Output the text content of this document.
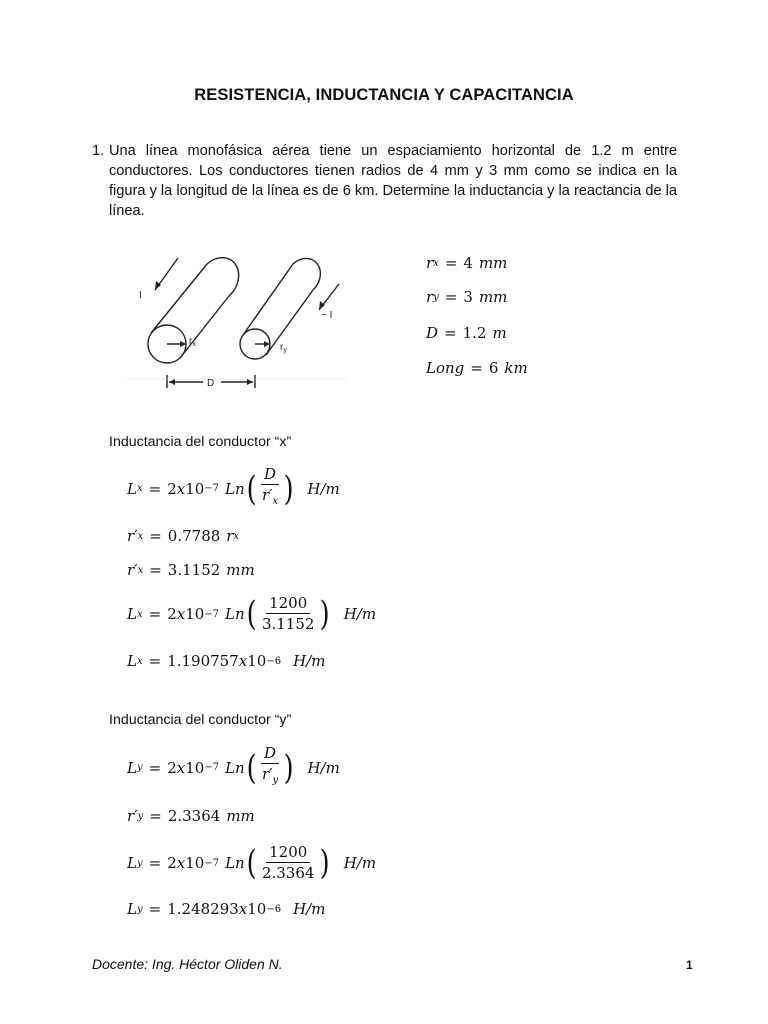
RESISTENCIA, INDUCTANCIA Y CAPACITANCIA
1. Una línea monofásica aérea tiene un espaciamiento horizontal de 1.2 m entre conductores. Los conductores tienen radios de 4 mm y 3 mm como se indica en la figura y la longitud de la línea es de 6 km. Determine la inductancia y la reactancia de la línea.
I
− I
$r_x$	$r_y$
D
r x = 4 mm
r y = 3 mm
D = 1.2 m
Long = 6 km
Inductancia del conductor “x”
L x = 2 x 10 −7 Ln ( $\frac{D}{r'_x}$ ) H/m
r′ x = 0.7788 r x
r′ x = 3.1152 mm
L x = 2 x 10 −7 Ln ( $\frac{1200}{3.1152}$ ) H/m
L x = 1.190757 x 10 −6 H/m
Inductancia del conductor “y”
L y = 2 x 10 −7 Ln ( $\frac{D}{r'_y}$ ) H/m
r′ y = 2.3364 mm
L y = 2 x 10 −7 Ln ( $\frac{1200}{2.3364}$ ) H/m
L y = 1.248293 x 10 −6 H/m
Docente: Ing. Héctor Oliden N.	1
